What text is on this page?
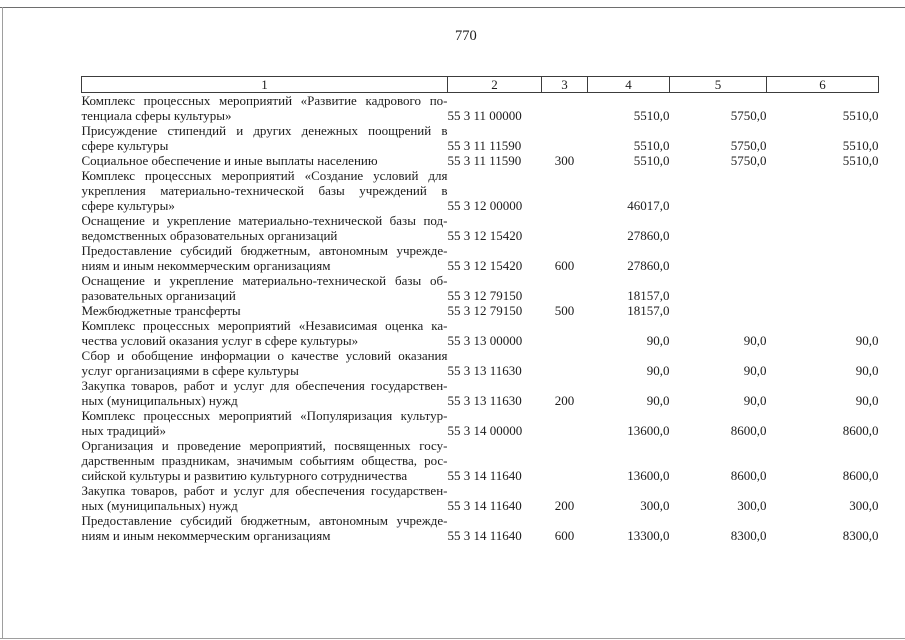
770
1	2	3	4	5	6

Комплекс процессных мероприятий «Развитие кадрового по-
тенциала сферы культуры»	55 3 11 00000		5510,0	5750,0	5510,0

Присуждение стипендий и других денежных поощрений в
сфере культуры	55 3 11 11590		5510,0	5750,0	5510,0

Социальное обеспечение и иные выплаты населению	55 3 11 11590	300	5510,0	5750,0	5510,0

Комплекс процессных мероприятий «Создание условий для
укрепления материально-технической базы учреждений в
сфере культуры»	55 3 12 00000		46017,0		

Оснащение и укрепление материально-технической базы под-
ведомственных образовательных организаций	55 3 12 15420		27860,0		

Предоставление субсидий бюджетным, автономным учрежде-
ниям и иным некоммерческим организациям	55 3 12 15420	600	27860,0		

Оснащение и укрепление материально-технической базы об-
разовательных организаций	55 3 12 79150		18157,0		

Межбюджетные трансферты	55 3 12 79150	500	18157,0		

Комплекс процессных мероприятий «Независимая оценка ка-
чества условий оказания услуг в сфере культуры»	55 3 13 00000		90,0	90,0	90,0

Сбор и обобщение информации о качестве условий оказания
услуг организациями в сфере культуры	55 3 13 11630		90,0	90,0	90,0

Закупка товаров, работ и услуг для обеспечения государствен-
ных (муниципальных) нужд	55 3 13 11630	200	90,0	90,0	90,0

Комплекс процессных мероприятий «Популяризация культур-
ных традиций»	55 3 14 00000		13600,0	8600,0	8600,0

Организация и проведение мероприятий, посвященных госу-
дарственным праздникам, значимым событиям общества, рос-
сийской культуры и развитию культурного сотрудничества	55 3 14 11640		13600,0	8600,0	8600,0

Закупка товаров, работ и услуг для обеспечения государствен-
ных (муниципальных) нужд	55 3 14 11640	200	300,0	300,0	300,0

Предоставление субсидий бюджетным, автономным учрежде-
ниям и иным некоммерческим организациям	55 3 14 11640	600	13300,0	8300,0	8300,0
